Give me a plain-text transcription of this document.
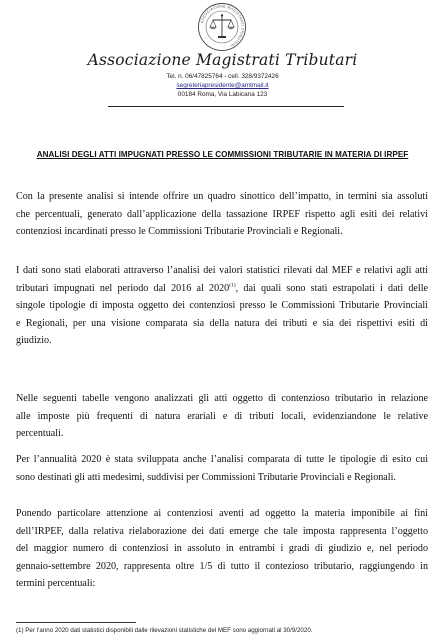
ASSOCIAZIONE MAGISTRATI TRIBUTARI
Associazione Magistrati Tributari
Tel. n. 06/47825764 - cell. 328/9372426
segreteriapresidente@amtmail.it
00184 Roma, Via Labicana 123
ANALISI DEGLI ATTI IMPUGNATI PRESSO LE COMMISSIONI TRIBUTARIE IN MATERIA DI IRPEF
Con la presente analisi si intende offrire un quadro sinottico dell’impatto, in termini sia assoluti
che percentuali, generato dall’applicazione della tassazione IRPEF rispetto agli esiti dei relativi
contenziosi incardinati presso le Commissioni Tributarie Provinciali e Regionali.
I dati sono stati elaborati attraverso l’analisi dei valori statistici rilevati dal MEF e relativi agli atti
tributari impugnati nel periodo dal 2016 al 2020$^{(1)}$, dai quali sono stati estrapolati i dati delle
singole tipologie di imposta oggetto dei contenziosi presso le Commissioni Tributarie Provinciali
e Regionali, per una visione comparata sia della natura dei tributi e sia dei rispettivi esiti di
giudizio.
Nelle seguenti tabelle vengono analizzati gli atti oggetto di contenzioso tributario in relazione
alle imposte più frequenti di natura erariali e di tributi locali, evidenziandone le relative
percentuali.
Per l’annualità 2020 è stata sviluppata anche l’analisi comparata di tutte le tipologie di esito cui
sono destinati gli atti medesimi, suddivisi per Commissioni Tributarie Provinciali e Regionali.
Ponendo particolare attenzione ai contenziosi aventi ad oggetto la materia imponibile ai fini
dell’IRPEF, dalla relativa rielaborazione dei dati emerge che tale imposta rappresenta l’oggetto
del maggior numero di contenziosi in assoluto in entrambi i gradi di giudizio e, nel periodo
gennaio-settembre 2020, rappresenta oltre 1/5 di tutto il contezioso tributario, raggiungendo in
termini percentuali:
(1) Per l’anno 2020 dati statistici disponibili dalle rilevazioni statistiche del MEF sono aggiornati al 30/9/2020.
